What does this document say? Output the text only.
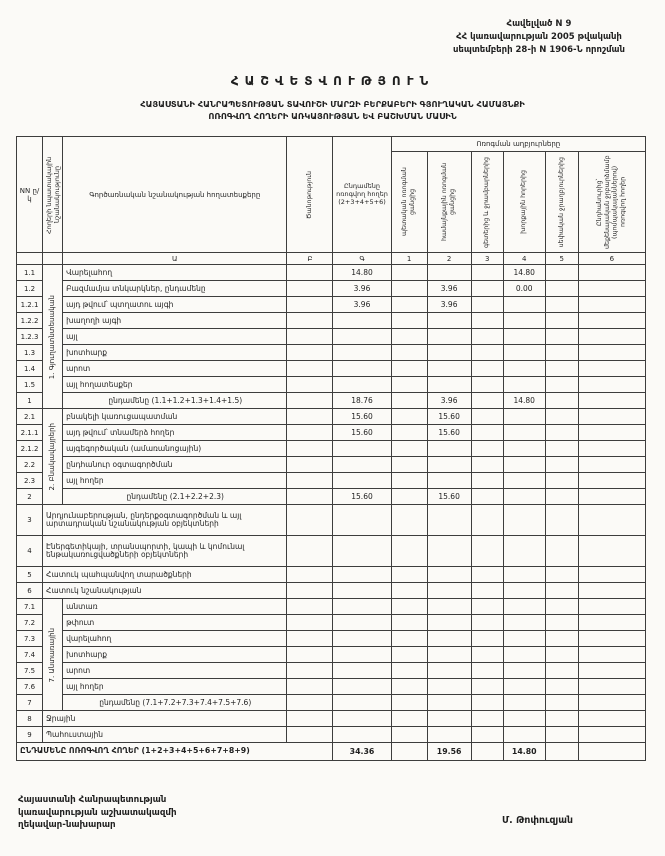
Հավելված N 9
ՀՀ կառավարության 2005 թվականի
սեպտեմբերի 28-ի N 1906-Ն որոշման
ՀԱՇՎԵՏՎՈՒԹՅՈՒՆ
ՀԱՅԱՍՏԱՆԻ ՀԱՆՐԱՊԵՏՈՒԹՅԱՆ ՏԱՎՈՒՇԻ ՄԱՐԶԻ ԲԵՐՔԱԲԵՐԻ ԳՅՈՒՂԱԿԱՆ ՀԱՄԱՅՆՔԻ
ՈՌՈԳՎՈՂ ՀՈՂԵՐԻ ԱՌԿԱՅՈՒԹՅԱՆ ԵՎ ԲԱՇԽՄԱՆ ՄԱՍԻՆ
NN ը/կ	Հողերի նպատակային նշանակությունը	Գործառնական նշանակության հողատեսքերը	Ծանոթություն	Ընդամենը ոռոգվող հողեր (2+3+4+5+6)	Ոռոգման աղբյուրները					

					պետական ոռոգման ցանցից	համայնքային ոռոգման ցանցից	գետերից և ջրամբարներից	խորքային հորերից	սեփական ջրաղբյուրներից	Ընդհանուրից՝ մեքենայական ջրբարձմամբ (պոմպակայաններով) ոռոգվող հողեր

		Ա	Բ	Գ	1	2	3	4	5	6
1.1	1. Գյուղատնտեսական	Վարելահող		14.80				14.80		
1.2		Բազմամյա տնկարկներ, ընդամենը		3.96		3.96		0.00		
1.2.1		այդ թվում՝ պտղատու այգի		3.96		3.96				
1.2.2		խաղողի այգի								
1.2.3		այլ								
1.3		խոտհարք								
1.4		արոտ								
1.5		այլ հողատեսքեր								
1		ընդամենը (1.1+1.2+1.3+1.4+1.5)		18.76		3.96		14.80		
2.1	2. Բնակավայրերի	բնակելի կառուցապատման		15.60		15.60				
2.1.1		այդ թվում՝ տնամերձ հողեր		15.60		15.60				
2.1.2		այգեգործական (ամառանոցային)								
2.2		ընդհանուր օգտագործման								
2.3		այլ հողեր								
2		ընդամենը (2.1+2.2+2.3)		15.60		15.60				
3	Արդյունաբերության, ընդերքօգտագործման և այլ արտադրական նշանակության օբյեկտների									
4	Էներգետիկայի, տրանսպորտի, կապի և կոմունալ ենթակառուցվածքների օբյեկտների									
5	Հատուկ պահպանվող տարածքների									
6	Հատուկ նշանակության									
7.1	7. Անտառային	անտառ								
7.2		թփուտ								
7.3		վարելահող								
7.4		խոտհարք								
7.5		արոտ								
7.6		այլ հողեր								
7		ընդամենը (7.1+7.2+7.3+7.4+7.5+7.6)								
8	Ջրային									
9	Պահուստային									
ԸՆԴԱՄԵՆԸ ՈՌՈԳՎՈՂ ՀՈՂԵՐ (1+2+3+4+5+6+7+8+9)				34.36		19.56		14.80		
Հայաստանի Հանրապետության
կառավարության աշխատակազմի
ղեկավար-նախարար	Մ. Թոփուզյան
